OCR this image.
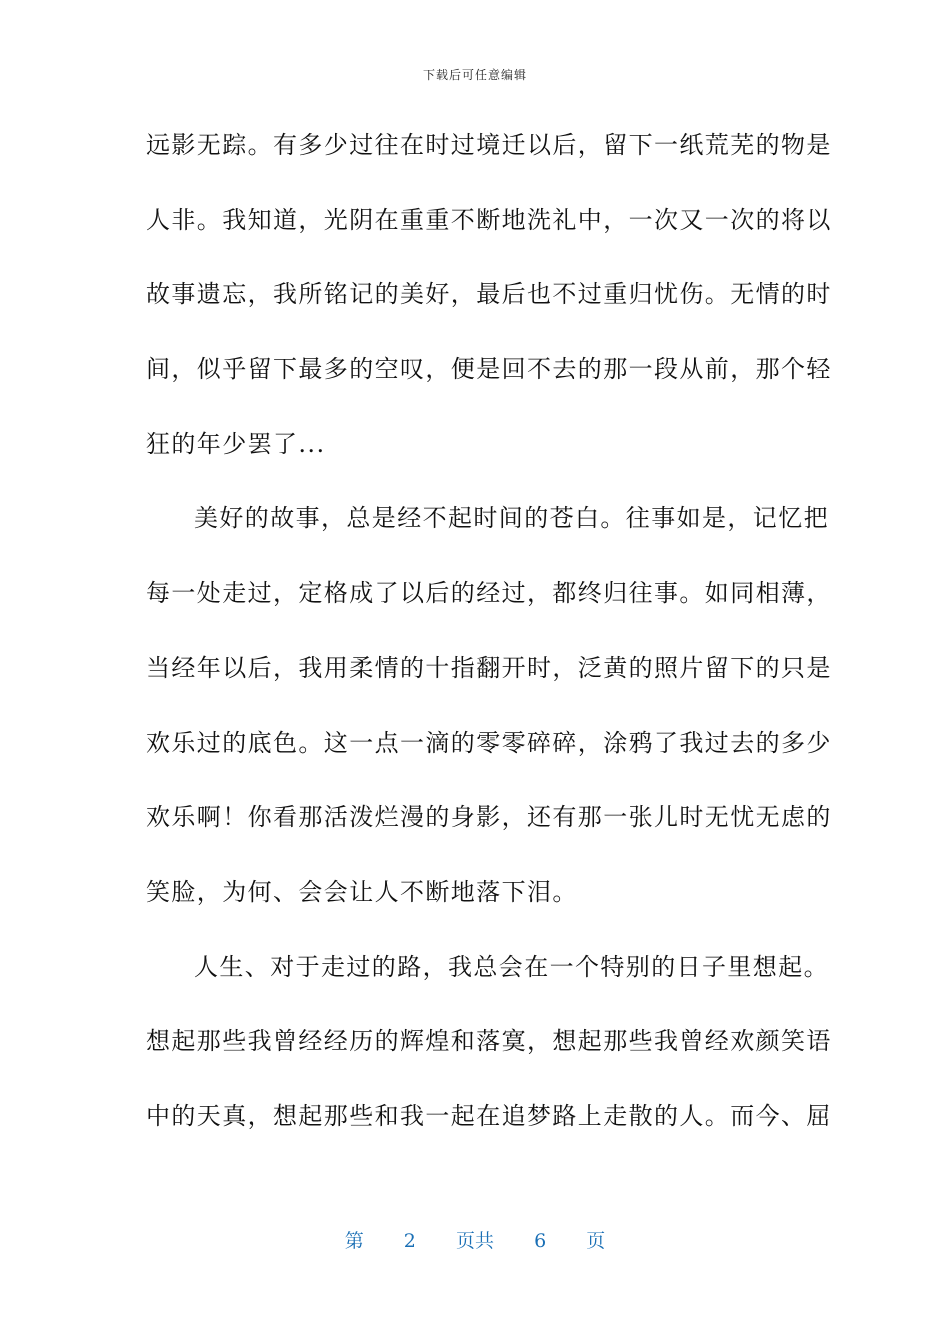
下载后可任意编辑
远影无踪。有多少过往在时过境迁以后，留下一纸荒芜的物是
人非。我知道，光阴在重重不断地洗礼中，一次又一次的将以
故事遗忘，我所铭记的美好，最后也不过重归忧伤。无情的时
间，似乎留下最多的空叹，便是回不去的那一段从前，那个轻
狂的年少罢了...
美好的故事，总是经不起时间的苍白。往事如是，记忆把
每一处走过，定格成了以后的经过，都终归往事。如同相薄，
当经年以后，我用柔情的十指翻开时，泛黄的照片留下的只是
欢乐过的底色。这一点一滴的零零碎碎，涂鸦了我过去的多少
欢乐啊！你看那活泼烂漫的身影，还有那一张儿时无忧无虑的
笑脸，为何、会会让人不断地落下泪。
人生、对于走过的路，我总会在一个特别的日子里想起。
想起那些我曾经经历的辉煌和落寞，想起那些我曾经欢颜笑语
中的天真，想起那些和我一起在追梦路上走散的人。而今、屈
第 2 页共 6 页
